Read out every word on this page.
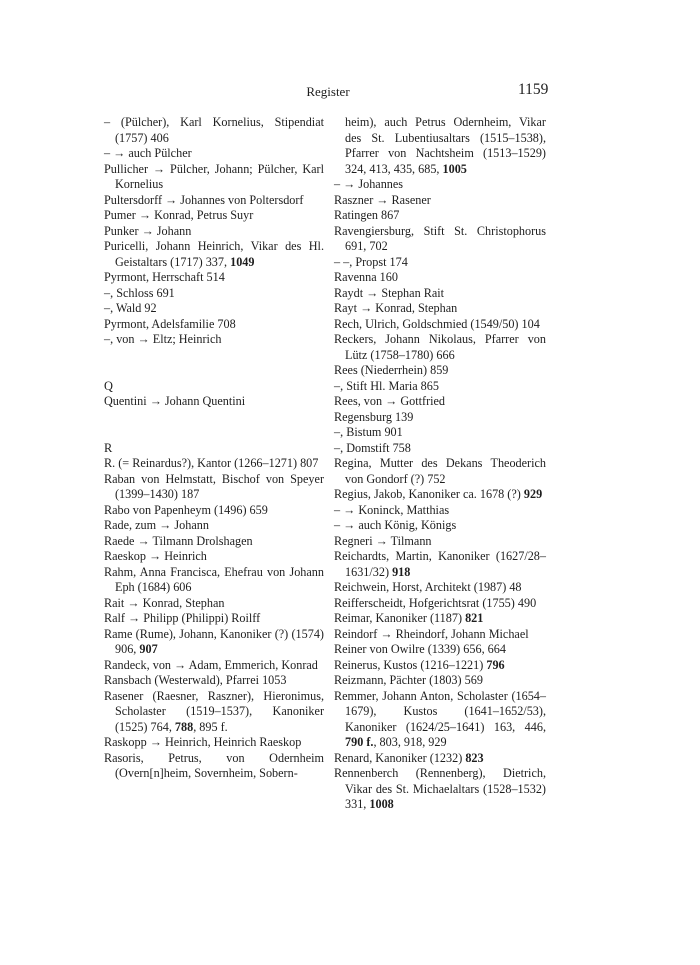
Register	1159
– (Pülcher), Karl Kornelius, Stipendiat (1757) 406
– → auch Pülcher
Pullicher → Pülcher, Johann; Pülcher, Karl Kornelius
Pultersdorff → Johannes von Poltersdorf
Pumer → Konrad, Petrus Suyr
Punker → Johann
Puricelli, Johann Heinrich, Vikar des Hl. Geistaltars (1717) 337, 1049
Pyrmont, Herrschaft 514
–, Schloss 691
–, Wald 92
Pyrmont, Adelsfamilie 708
–, von → Eltz; Heinrich
Q
Quentini → Johann Quentini
R
R. (= Reinardus?), Kantor (1266–1271) 807
Raban von Helmstatt, Bischof von Speyer (1399–1430) 187
Rabo von Papenheym (1496) 659
Rade, zum → Johann
Raede → Tilmann Drolshagen
Raeskop → Heinrich
Rahm, Anna Francisca, Ehefrau von Johann Eph (1684) 606
Rait → Konrad, Stephan
Ralf → Philipp (Philippi) Roilff
Rame (Rume), Johann, Kanoniker (?) (1574) 906, 907
Randeck, von → Adam, Emmerich, Konrad
Ransbach (Westerwald), Pfarrei 1053
Rasener (Raesner, Raszner), Hieronimus, Scholaster (1519–1537), Kanoniker (1525) 764, 788, 895 f.
Raskopp → Heinrich, Heinrich Raeskop
Rasoris, Petrus, von Odernheim (Overn[n]heim, Sovernheim, Sobern-
heim), auch Petrus Odernheim, Vikar des St. Lubentiusaltars (1515–1538), Pfarrer von Nachtsheim (1513–1529) 324, 413, 435, 685, 1005
– → Johannes
Raszner → Rasener
Ratingen 867
Ravengiersburg, Stift St. Christophorus 691, 702
– –, Propst 174
Ravenna 160
Raydt → Stephan Rait
Rayt → Konrad, Stephan
Rech, Ulrich, Goldschmied (1549/50) 104
Reckers, Johann Nikolaus, Pfarrer von Lütz (1758–1780) 666
Rees (Niederrhein) 859
–, Stift Hl. Maria 865
Rees, von → Gottfried
Regensburg 139
–, Bistum 901
–, Domstift 758
Regina, Mutter des Dekans Theoderich von Gondorf (?) 752
Regius, Jakob, Kanoniker ca. 1678 (?) 929
– → Koninck, Matthias
– → auch König, Königs
Regneri → Tilmann
Reichardts, Martin, Kanoniker (1627/28–1631/32) 918
Reichwein, Horst, Architekt (1987) 48
Reifferscheidt, Hofgerichtsrat (1755) 490
Reimar, Kanoniker (1187) 821
Reindorf → Rheindorf, Johann Michael
Reiner von Owilre (1339) 656, 664
Reinerus, Kustos (1216–1221) 796
Reizmann, Pächter (1803) 569
Remmer, Johann Anton, Scholaster (1654–1679), Kustos (1641–1652/53), Kanoniker (1624/25–1641) 163, 446, 790 f., 803, 918, 929
Renard, Kanoniker (1232) 823
Rennenberch (Rennenberg), Dietrich, Vikar des St. Michaelaltars (1528–1532) 331, 1008
